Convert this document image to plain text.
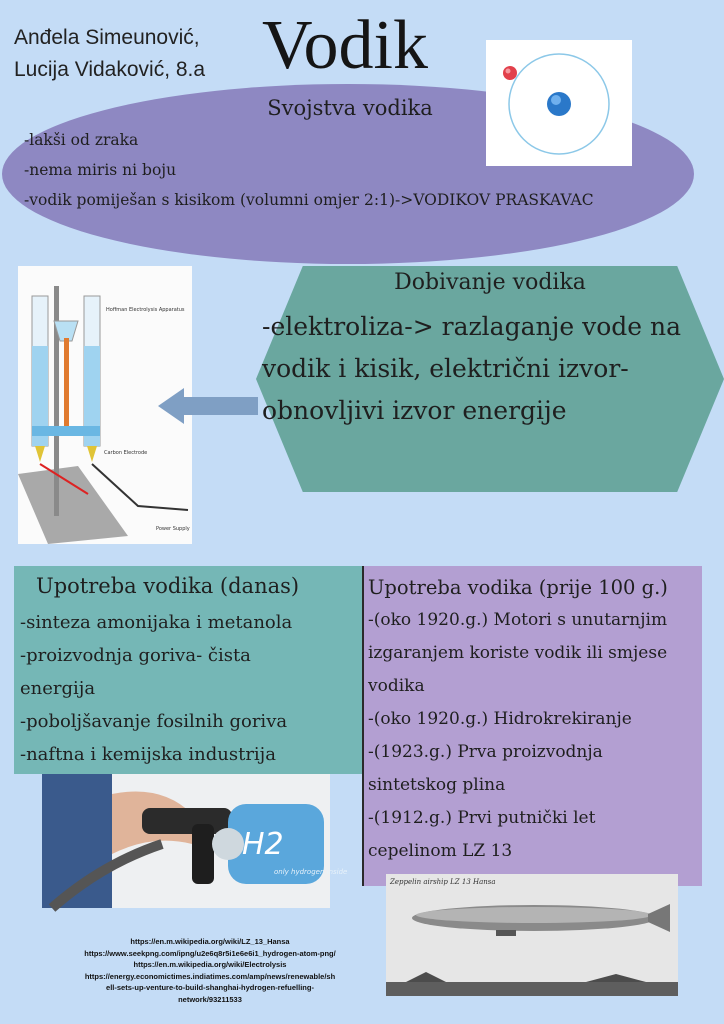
Anđela Simeunović,
Lucija Vidaković, 8.a Vodik
Svojstva vodika
-lakši od zraka
-nema miris ni boju
-vodik pomiješan s kisikom (volumni omjer 2:1)->VODIKOV PRASKAVAC
Hoffman Electrolysis Apparatus
Carbon Electrode
Power Supply
Dobivanje vodika
-elektroliza-> razlaganje vode na
vodik i kisik, električni izvor-
obnovljivi izvor energije
Upotreba vodika (danas)
-sinteza amonijaka i metanola
-proizvodnja goriva- čista
energija
-poboljšavanje fosilnih goriva
-naftna i kemijska industrija
Upotreba vodika (prije 100 g.)
-(oko 1920.g.) Motori s unutarnjim
izgaranjem koriste vodik ili smjese
vodika
-(oko 1920.g.) Hidrokrekiranje
-(1923.g.) Prva proizvodnja
sintetskog plina
-(1912.g.) Prvi putnički let
cepelinom LZ 13
H2
only hydrogen inside
Zeppelin airship LZ 13 Hansa
https://en.m.wikipedia.org/wiki/LZ_13_Hansa
https://www.seekpng.com/ipng/u2e6q8r5i1e6e6i1_hydrogen-atom-png/
https://en.m.wikipedia.org/wiki/Electrolysis
https://energy.economictimes.indiatimes.com/amp/news/renewable/sh
ell-sets-up-venture-to-build-shanghai-hydrogen-refuelling-
network/93211533
